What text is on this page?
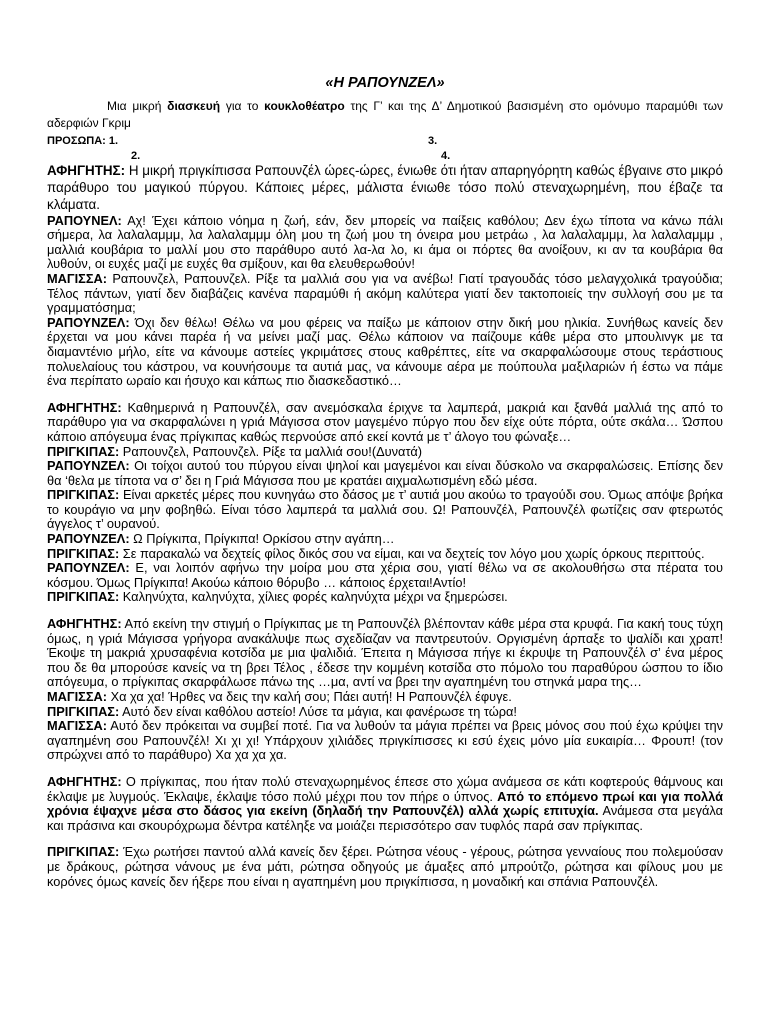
«Η ΡΑΠΟΥΝΖΕΛ»

Μια μικρή διασκευή για το κουκλοθέατρο της Γ’ και της Δ’ Δημοτικού βασισμένη στο ομόνυμο παραμύθι των αδερφιών Γκριμ

ΠΡΟΣΩΠΑ: 1.	3.
2.	4.

ΑΦΗΓΗΤΗΣ: Η μικρή πριγκίπισσα Ραπουνζέλ ώρες-ώρες, ένιωθε ότι ήταν απαρηγόρητη καθώς έβγαινε στο μικρό παράθυρο του μαγικού πύργου. Κάποιες μέρες, μάλιστα ένιωθε τόσο πολύ στεναχωρημένη, που έβαζε τα κλάματα.

ΡΑΠΟΥΝΕΛ: Αχ! Έχει κάποιο νόημα η ζωή, εάν, δεν μπορείς να παίξεις καθόλου; Δεν έχω τίποτα να κάνω πάλι σήμερα, λα λαλαλαμμμ, λα λαλαλαμμμ όλη μου τη ζωή μου τη όνειρα μου μετράω , λα λαλαλαμμμ, λα λαλαλαμμμ , μαλλιά κουβάρια το μαλλί μου στο παράθυρο αυτό λα-λα λο, κι άμα οι πόρτες θα ανοίξουν, κι αν τα κουβάρια θα λυθούν, οι ευχές μαζί με ευχές θα σμίξουν, και θα ελευθερωθούν!

ΜΑΓΙΣΣΑ: Ραπουνζελ, Ραπουνζελ. Ρίξε τα μαλλιά σου για να ανέβω! Γιατί τραγουδάς τόσο μελαγχολικά τραγούδια; Τέλος πάντων, γιατί δεν διαβάζεις κανένα παραμύθι ή ακόμη καλύτερα γιατί δεν τακτοποιείς την συλλογή σου με τα γραμματόσημα;

ΡΑΠΟΥΝΖΕΛ: Όχι δεν θέλω! Θέλω να μου φέρεις να παίξω με κάποιον στην δική μου ηλικία. Συνήθως κανείς δεν έρχεται να μου κάνει παρέα ή να μείνει μαζί μας. Θέλω κάποιον να παίζουμε κάθε μέρα στο μπουλινγκ με τα διαμαντένιο μήλο, είτε να κάνουμε αστείες γκριμάτσες στους καθρέπτες, είτε να σκαρφαλώσουμε στους τεράστιους πολυελαίους του κάστρου, να κουνήσουμε τα αυτιά μας, να κάνουμε αέρα με πούπουλα μαξιλαριών ή έστω να πάμε ένα περίπατο ωραίο και ήσυχο και κάπως πιο διασκεδαστικό…

ΑΦΗΓΗΤΗΣ: Καθημερινά η Ραπουνζέλ, σαν ανεμόσκαλα έριχνε τα λαμπερά, μακριά και ξανθά μαλλιά της από το παράθυρο για να σκαρφαλώνει η γριά Μάγισσα στον μαγεμένο πύργο που δεν είχε ούτε πόρτα, ούτε σκάλα… Ώσπου κάποιο απόγευμα ένας πρίγκιπας καθώς περνούσε από εκεί κοντά με τ’ άλογο του φώναξε…

ΠΡΙΓΚΙΠΑΣ: Ραπουνζελ, Ραπουνζελ. Ρίξε τα μαλλιά σου!(Δυνατά)

ΡΑΠΟΥΝΖΕΛ: Οι τοίχοι αυτού του πύργου είναι ψηλοί και μαγεμένοι και είναι δύσκολο να σκαρφαλώσεις. Επίσης δεν θα ‘θελα με τίποτα να σ’ δει η Γριά Μάγισσα που με κρατάει αιχμαλωτισμένη εδώ μέσα.

ΠΡΙΓΚΙΠΑΣ: Είναι αρκετές μέρες που κυνηγάω στο δάσος με τ’ αυτιά μου ακούω το τραγούδι σου. Όμως απόψε βρήκα το κουράγιο να μην φοβηθώ. Είναι τόσο λαμπερά τα μαλλιά σου. Ω! Ραπουνζέλ, Ραπουνζέλ φωτίζεις σαν φτερωτός άγγελος τ’ ουρανού.

ΡΑΠΟΥΝΖΕΛ: Ω Πρίγκιπα, Πρίγκιπα! Ορκίσου στην αγάπη…

ΠΡΙΓΚΙΠΑΣ: Σε παρακαλώ να δεχτείς φίλος δικός σου να είμαι, και να δεχτείς τον λόγο μου χωρίς όρκους περιττούς.

ΡΑΠΟΥΝΖΕΛ: Ε, ναι λοιπόν αφήνω την μοίρα μου στα χέρια σου, γιατί θέλω να σε ακολουθήσω στα πέρατα του κόσμου. Όμως Πρίγκιπα! Ακούω κάποιο θόρυβο … κάποιος έρχεται!Αντίο!

ΠΡΙΓΚΙΠΑΣ: Καληνύχτα, καληνύχτα, χίλιες φορές καληνύχτα μέχρι να ξημερώσει.

ΑΦΗΓΗΤΗΣ: Από εκείνη την στιγμή ο Πρίγκιπας με τη Ραπουνζέλ βλέπονταν κάθε μέρα στα κρυφά. Για κακή τους τύχη όμως, η γριά Μάγισσα γρήγορα ανακάλυψε πως σχεδίαζαν να παντρευτούν. Οργισμένη άρπαξε το ψαλίδι και χραπ! Έκοψε τη μακριά χρυσαφένια κοτσίδα με μια ψαλιδιά. Έπειτα η Μάγισσα πήγε κι έκρυψε τη Ραπουνζέλ σ’ ένα μέρος που δε θα μπορούσε κανείς να τη βρει Τέλος , έδεσε την κομμένη κοτσίδα στο πόμολο του παραθύρου ώσπου το ίδιο απόγευμα, ο πρίγκιπας σκαρφάλωσε πάνω της …μα, αντί να βρει την αγαπημένη του στηνκά μαρα της…

ΜΑΓΙΣΣΑ: Χα χα χα! Ήρθες να δεις την καλή σου; Πάει αυτή! Η Ραπουνζέλ έφυγε.

ΠΡΙΓΚΙΠΑΣ: Αυτό δεν είναι καθόλου αστείο! Λύσε τα μάγια, και φανέρωσε τη τώρα!

ΜΑΓΙΣΣΑ: Αυτό δεν πρόκειται να συμβεί ποτέ. Για να λυθούν τα μάγια πρέπει να βρεις μόνος σου πού έχω κρύψει την αγαπημένη σου Ραπουνζέλ! Χι χι χι! Υπάρχουν χιλιάδες πριγκίπισσες κι εσύ έχεις μόνο μία ευκαιρία… Φρουπ! (τον σπρώχνει από το παράθυρο) Χα χα χα χα.

ΑΦΗΓΗΤΗΣ: Ο πρίγκιπας, που ήταν πολύ στεναχωρημένος έπεσε στο χώμα ανάμεσα σε κάτι κοφτερούς θάμνους και έκλαψε με λυγμούς. Έκλαψε, έκλαψε τόσο πολύ μέχρι που τον πήρε ο ύπνος. Από το επόμενο πρωί και για πολλά χρόνια έψαχνε μέσα στο δάσος για εκείνη (δηλαδή την Ραπουνζέλ) αλλά χωρίς επιτυχία. Ανάμεσα στα μεγάλα και πράσινα και σκουρόχρωμα δέντρα κατέληξε να μοιάζει περισσότερο σαν τυφλός παρά σαν πρίγκιπας.

ΠΡΙΓΚΙΠΑΣ: Έχω ρωτήσει παντού αλλά κανείς δεν ξέρει. Ρώτησα νέους - γέρους, ρώτησα γενναίους που πολεμούσαν με δράκους, ρώτησα νάνους με ένα μάτι, ρώτησα οδηγούς με άμαξες από μπρούτζο, ρώτησα και φίλους μου με κορόνες όμως κανείς δεν ήξερε που είναι η αγαπημένη μου πριγκίπισσα, η μοναδική και σπάνια Ραπουνζέλ.
